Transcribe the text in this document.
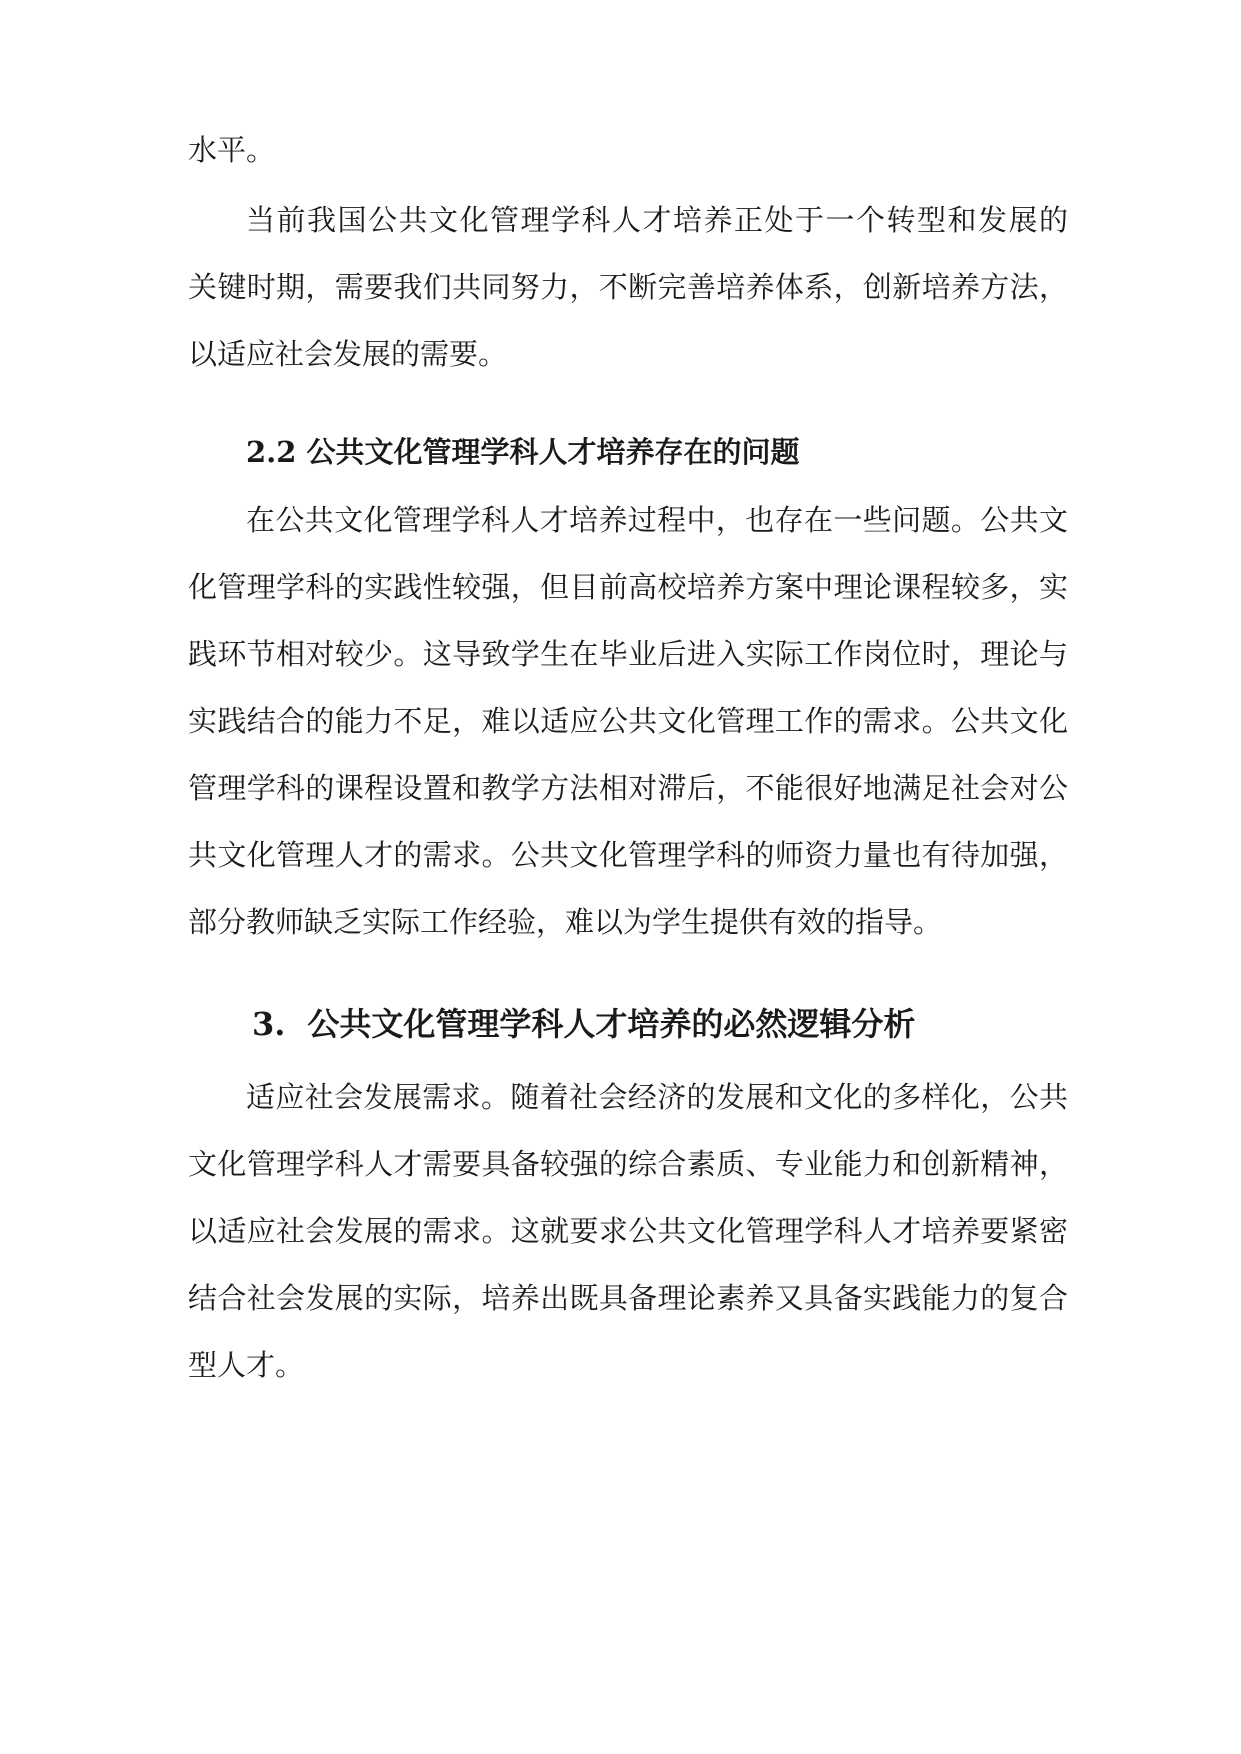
水平。

当前我国公共文化管理学科人才培养正处于一个转型和发展的

关键时期，需要我们共同努力，不断完善培养体系，创新培养方法，

以适应社会发展的需要。

2.2 公共文化管理学科人才培养存在的问题

在公共文化管理学科人才培养过程中，也存在一些问题。公共文

化管理学科的实践性较强，但目前高校培养方案中理论课程较多，实

践环节相对较少。这导致学生在毕业后进入实际工作岗位时，理论与

实践结合的能力不足，难以适应公共文化管理工作的需求。公共文化

管理学科的课程设置和教学方法相对滞后，不能很好地满足社会对公

共文化管理人才的需求。公共文化管理学科的师资力量也有待加强，

部分教师缺乏实际工作经验，难以为学生提供有效的指导。

3. 公共文化管理学科人才培养的必然逻辑分析

适应社会发展需求。随着社会经济的发展和文化的多样化，公共

文化管理学科人才需要具备较强的综合素质、专业能力和创新精神，

以适应社会发展的需求。这就要求公共文化管理学科人才培养要紧密

结合社会发展的实际，培养出既具备理论素养又具备实践能力的复合

型人才。
